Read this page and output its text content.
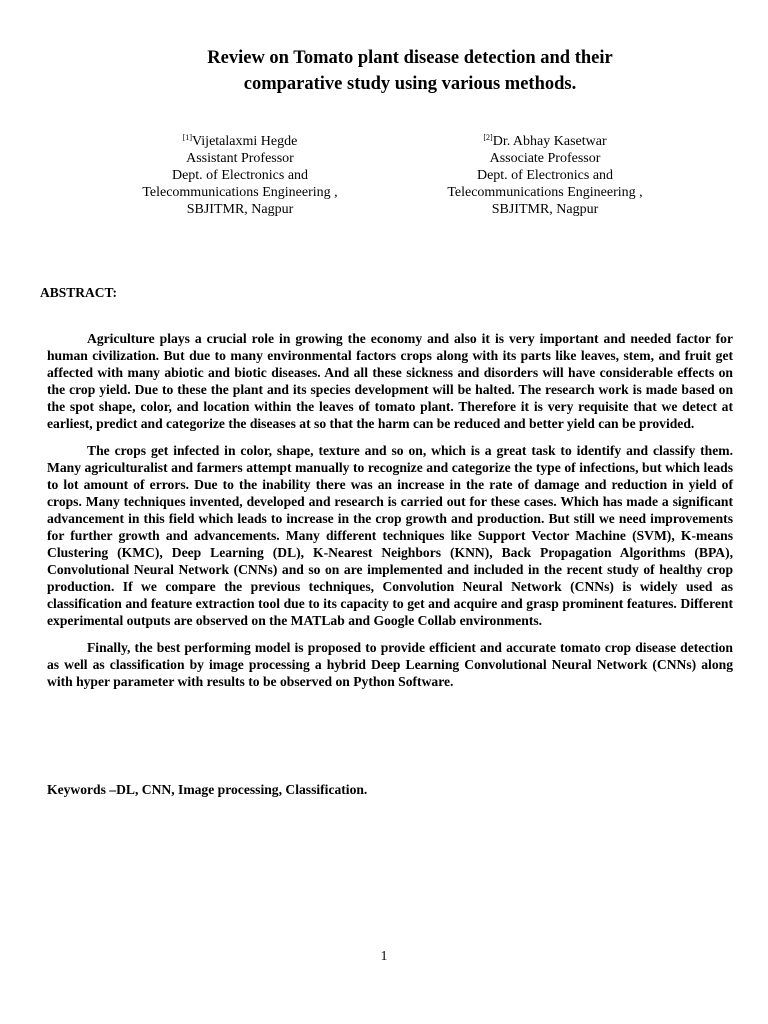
Review on Tomato plant disease detection and their
comparative study using various methods.
[1]Vijetalaxmi Hegde
Assistant Professor
Dept. of Electronics and
Telecommunications Engineering ,
SBJITMR, Nagpur
[2]Dr. Abhay Kasetwar
Associate Professor
Dept. of Electronics and
Telecommunications Engineering ,
SBJITMR, Nagpur
ABSTRACT:

Agriculture plays a crucial role in growing the economy and also it is very important and needed factor for human civilization. But due to many environmental factors crops along with its parts like leaves, stem, and fruit get affected with many abiotic and biotic diseases. And all these sickness and disorders will have considerable effects on the crop yield. Due to these the plant and its species development will be halted. The research work is made based on the spot shape, color, and location within the leaves of tomato plant. Therefore it is very requisite that we detect at earliest, predict and categorize the diseases at so that the harm can be reduced and better yield can be provided.

The crops get infected in color, shape, texture and so on, which is a great task to identify and classify them. Many agriculturalist and farmers attempt manually to recognize and categorize the type of infections, but which leads to lot amount of errors. Due to the inability there was an increase in the rate of damage and reduction in yield of crops. Many techniques invented, developed and research is carried out for these cases. Which has made a significant advancement in this field which leads to increase in the crop growth and production. But still we need improvements for further growth and advancements. Many different techniques like Support Vector Machine (SVM), K-means Clustering (KMC), Deep Learning (DL), K-Nearest Neighbors (KNN), Back Propagation Algorithms (BPA), Convolutional Neural Network (CNNs) and so on are implemented and included in the recent study of healthy crop production. If we compare the previous techniques, Convolution Neural Network (CNNs) is widely used as classification and feature extraction tool due to its capacity to get and acquire and grasp prominent features. Different experimental outputs are observed on the MATLab and Google Collab environments.

Finally, the best performing model is proposed to provide efficient and accurate tomato crop disease detection as well as classification by image processing a hybrid Deep Learning Convolutional Neural Network (CNNs) along with hyper parameter with results to be observed on Python Software.

Keywords –DL, CNN, Image processing, Classification.
1
